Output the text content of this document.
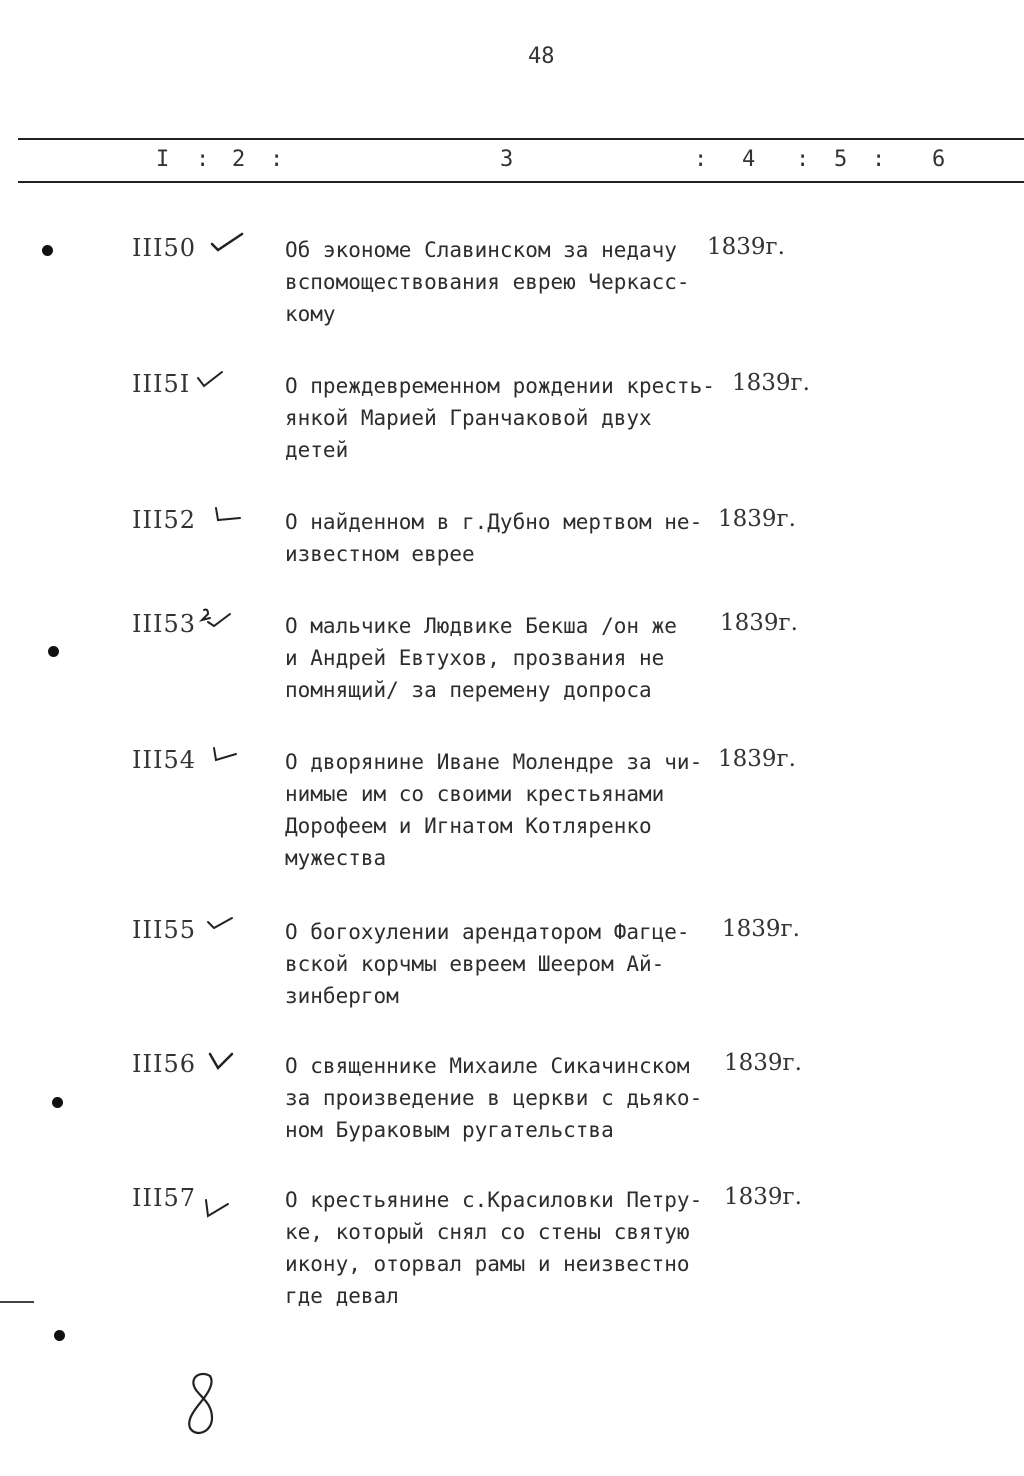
48
I : 2 :	3	: 4 : 5 : 6
III50	Об экономе Славинском за недачу
вспомоществования еврею Черкасс-
кому
1839г.
III5I	О преждевременном рождении кресть-
янкой Марией Гранчаковой двух
детей
1839г.
III52	О найденном в г.Дубно мертвом не-
известном еврее
1839г.
III53	О мальчике Людвике Бекша /он же
и Андрей Евтухов, прозвания не
помнящий/ за перемену допроса
1839г.
III54	О дворянине Иване Молендре за чи-
нимые им со своими крестьянами
Дорофеем и Игнатом Котляренко
мужества
1839г.
III55	О богохулении арендатором Фагце-
вской корчмы евреем Шеером Ай-
зинбергом
1839г.
III56	О священнике Михаиле Сикачинском
за произведение в церкви с дьяко-
ном Бураковым ругательства
1839г.
III57	О крестьянине с.Красиловки Петру-
ке, который снял со стены святую
икону, оторвал рамы и неизвестно
где девал
1839г.
